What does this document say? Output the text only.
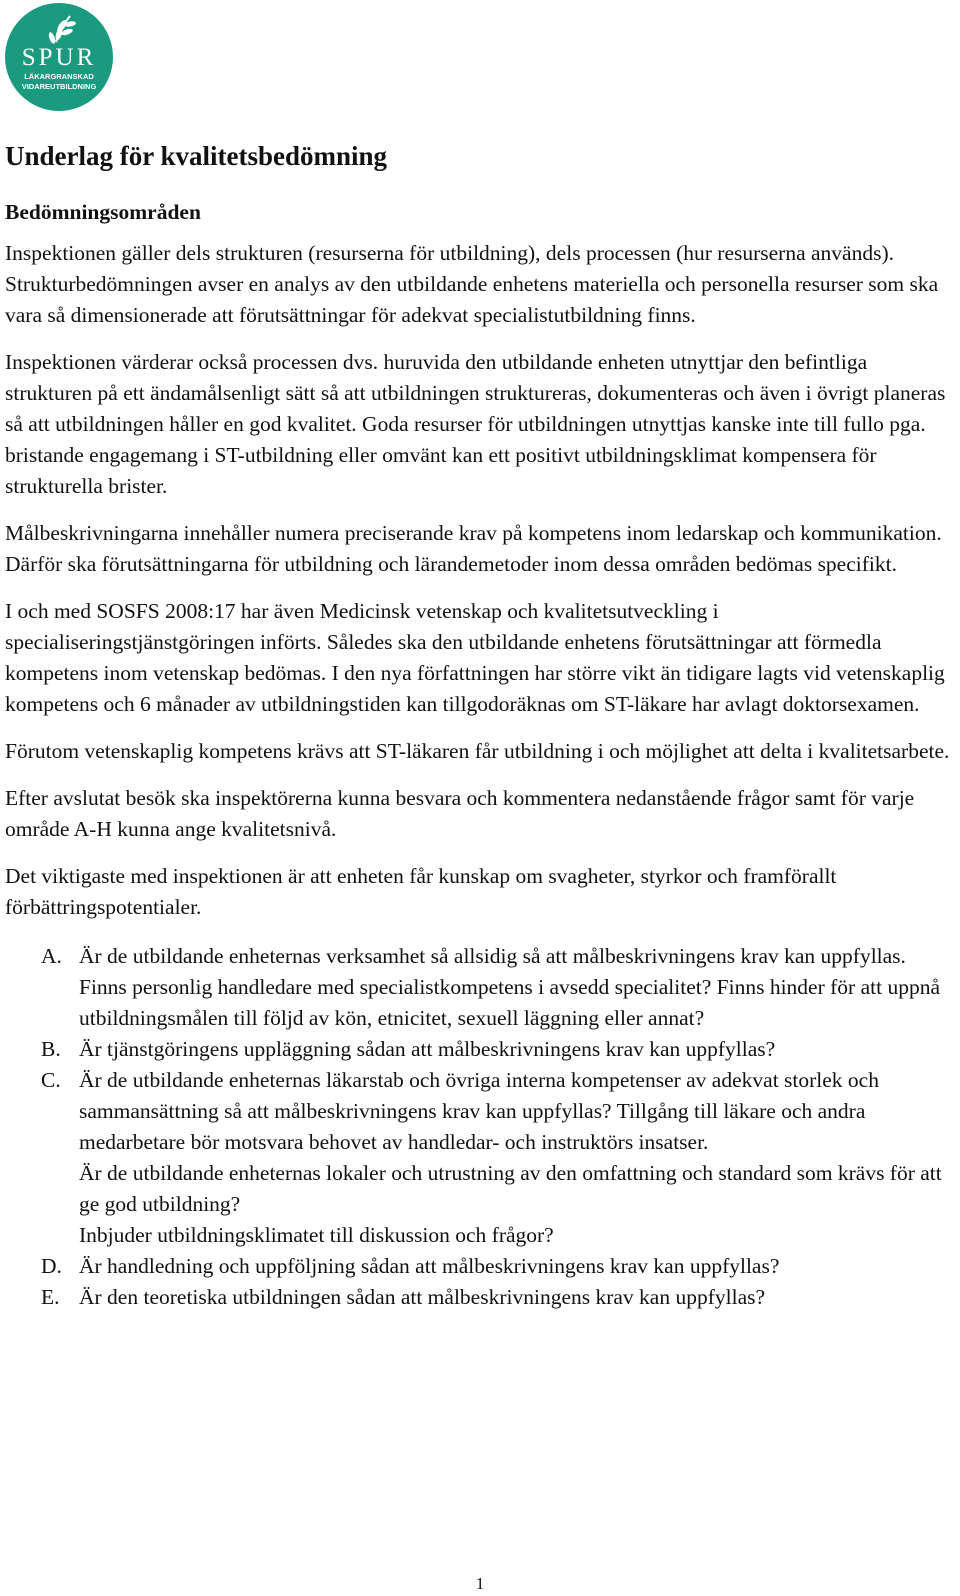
SPUR
LÄKARGRANSKAD
VIDAREUTBILDNING
Underlag för kvalitetsbedömning
Bedömningsområden

Inspektionen gäller dels strukturen (resurserna för utbildning), dels processen (hur resurserna används). Strukturbedömningen avser en analys av den utbildande enhetens materiella och personella resurser som ska vara så dimensionerade att förutsättningar för adekvat specialistutbildning finns.

Inspektionen värderar också processen dvs. huruvida den utbildande enheten utnyttjar den befintliga strukturen på ett ändamålsenligt sätt så att utbildningen struktureras, dokumenteras och även i övrigt planeras så att utbildningen håller en god kvalitet. Goda resurser för utbildningen utnyttjas kanske inte till fullo pga. bristande engagemang i ST-utbildning eller omvänt kan ett positivt utbildningsklimat kompensera för strukturella brister.

Målbeskrivningarna innehåller numera preciserande krav på kompetens inom ledarskap och kommunikation. Därför ska förutsättningarna för utbildning och lärandemetoder inom dessa områden bedömas specifikt.

I och med SOSFS 2008:17 har även Medicinsk vetenskap och kvalitetsutveckling i specialiseringstjänstgöringen införts. Således ska den utbildande enhetens förutsättningar att förmedla kompetens inom vetenskap bedömas. I den nya författningen har större vikt än tidigare lagts vid vetenskaplig kompetens och 6 månader av utbildningstiden kan tillgodoräknas om ST-läkare har avlagt doktorsexamen.

Förutom vetenskaplig kompetens krävs att ST-läkaren får utbildning i och möjlighet att delta i kvalitetsarbete.

Efter avslutat besök ska inspektörerna kunna besvara och kommentera nedanstående frågor samt för varje område A-H kunna ange kvalitetsnivå.

Det viktigaste med inspektionen är att enheten får kunskap om svagheter, styrkor och framförallt förbättringspotentialer.

A. Är de utbildande enheternas verksamhet så allsidig så att målbeskrivningens krav kan uppfyllas. Finns personlig handledare med specialistkompetens i avsedd specialitet? Finns hinder för att uppnå utbildningsmålen till följd av kön, etnicitet, sexuell läggning eller annat?
B. Är tjänstgöringens uppläggning sådan att målbeskrivningens krav kan uppfyllas?
C. Är de utbildande enheternas läkarstab och övriga interna kompetenser av adekvat storlek och sammansättning så att målbeskrivningens krav kan uppfyllas? Tillgång till läkare och andra medarbetare bör motsvara behovet av handledar- och instruktörs insatser.
Är de utbildande enheternas lokaler och utrustning av den omfattning och standard som krävs för att ge god utbildning?
Inbjuder utbildningsklimatet till diskussion och frågor?
D. Är handledning och uppföljning sådan att målbeskrivningens krav kan uppfyllas?
E. Är den teoretiska utbildningen sådan att målbeskrivningens krav kan uppfyllas?
1
